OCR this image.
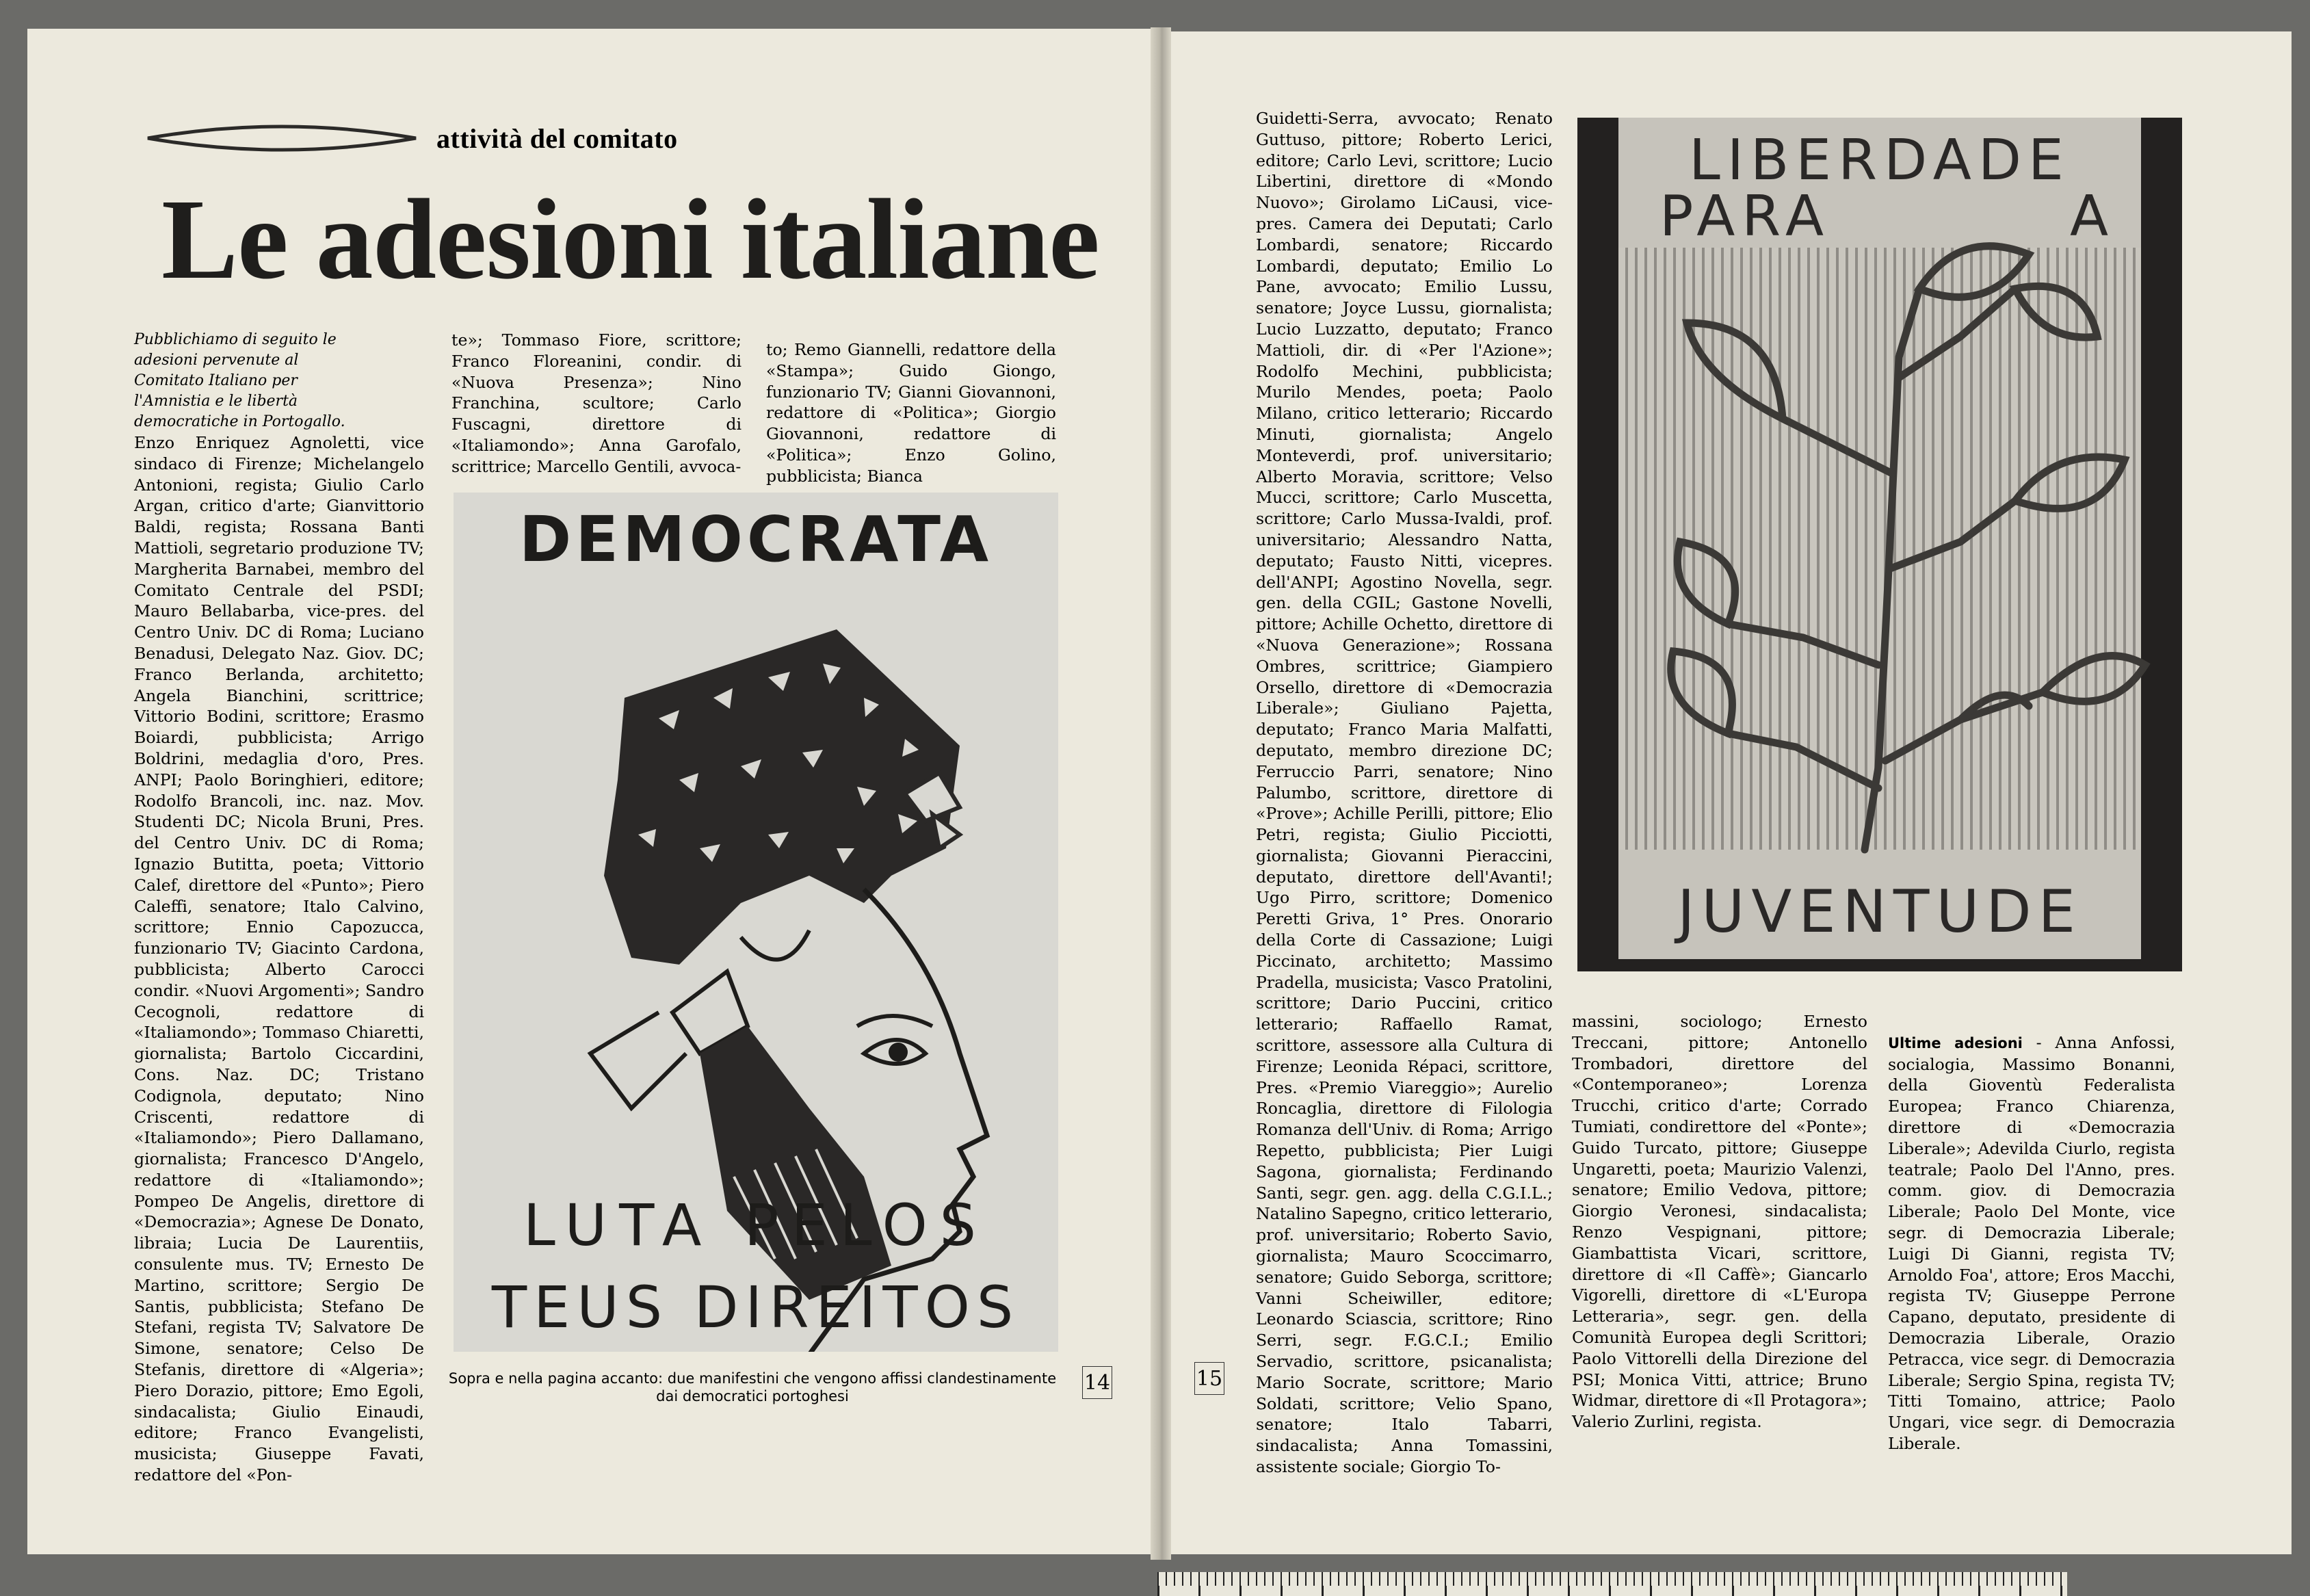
attività del comitato
Le adesioni italiane
Pubblichiamo di seguito le adesioni pervenute al Comitato Italiano per l'Amnistia e le libertà democratiche in Portogallo.
Enzo Enriquez Agnoletti, vice sindaco di Firenze; Michelangelo Antonioni, regista; Giulio Carlo Argan, critico d'arte; Gianvittorio Baldi, regista; Rossana Banti Mattioli, segretario produzione TV; Margherita Barnabei, membro del Comitato Centrale del PSDI; Mauro Bellabarba, vice-pres. del Centro Univ. DC di Roma; Luciano Benadusi, Delegato Naz. Giov. DC; Franco Berlanda, architetto; Angela Bianchini, scrittrice; Vittorio Bodini, scrittore; Erasmo Boiardi, pubblicista; Arrigo Boldrini, medaglia d'oro, Pres. ANPI; Paolo Boringhieri, editore; Rodolfo Brancoli, inc. naz. Mov. Studenti DC; Nicola Bruni, Pres. del Centro Univ. DC di Roma; Ignazio Butitta, poeta; Vittorio Calef, direttore del «Punto»; Piero Caleffi, senatore; Italo Calvino, scrittore; Ennio Capozucca, funzionario TV; Giacinto Cardona, pubblicista; Alberto Carocci condir. «Nuovi Argomenti»; Sandro Cecognoli, redattore di «Italiamondo»; Tommaso Chiaretti, giornalista; Bartolo Ciccardini, Cons. Naz. DC; Tristano Codignola, deputato; Nino Criscenti, redattore di «Italiamondo»; Piero Dallamano, giornalista; Francesco D'Angelo, redattore di «Italiamondo»; Pompeo De Angelis, direttore di «Democrazia»; Agnese De Donato, libraia; Lucia De Laurentiis, consulente mus. TV; Ernesto De Martino, scrittore; Sergio De Santis, pubblicista; Stefano De Stefani, regista TV; Salvatore De Simone, senatore; Celso De Stefanis, direttore di «Algeria»; Piero Dorazio, pittore; Emo Egoli, sindacalista; Giulio Einaudi, editore; Franco Evangelisti, musicista; Giuseppe Favati, redattore del «Pon-
te»; Tommaso Fiore, scrittore; Franco Floreanini, condir. di «Nuova Presenza»; Nino Franchina, scultore; Carlo Fuscagni, direttore di «Italiamondo»; Anna Garofalo, scrittrice; Marcello Gentili, avvoca-
to; Remo Giannelli, redattore della «Stampa»; Guido Giongo, funzionario TV; Gianni Giovannoni, redattore di «Politica»; Giorgio Giovannoni, redattore di «Politica»; Enzo Golino, pubblicista; Bianca
DEMOCRATA
LUTA PELOS
TEUS DIREITOS
Sopra e nella pagina accanto: due manifestini che vengono affissi clandestinamente
dai democratici portoghesi
14	15
Guidetti-Serra, avvocato; Renato Guttuso, pittore; Roberto Lerici, editore; Carlo Levi, scrittore; Lucio Libertini, direttore di «Mondo Nuovo»; Girolamo LiCausi, vice-pres. Camera dei Deputati; Carlo Lombardi, senatore; Riccardo Lombardi, deputato; Emilio Lo Pane, avvocato; Emilio Lussu, senatore; Joyce Lussu, giornalista; Lucio Luzzatto, deputato; Franco Mattioli, dir. di «Per l'Azione»; Rodolfo Mechini, pubblicista; Murilo Mendes, poeta; Paolo Milano, critico letterario; Riccardo Minuti, giornalista; Angelo Monteverdi, prof. universitario; Alberto Moravia, scrittore; Velso Mucci, scrittore; Carlo Muscetta, scrittore; Carlo Mussa-Ivaldi, prof. universitario; Alessandro Natta, deputato; Fausto Nitti, vicepres. dell'ANPI; Agostino Novella, segr. gen. della CGIL; Gastone Novelli, pittore; Achille Ochetto, direttore di «Nuova Generazione»; Rossana Ombres, scrittrice; Giampiero Orsello, direttore di «Democrazia Liberale»; Giuliano Pajetta, deputato; Franco Maria Malfatti, deputato, membro direzione DC; Ferruccio Parri, senatore; Nino Palumbo, scrittore, direttore di «Prove»; Achille Perilli, pittore; Elio Petri, regista; Giulio Picciotti, giornalista; Giovanni Pieraccini, deputato, direttore dell'Avanti!; Ugo Pirro, scrittore; Domenico Peretti Griva, 1° Pres. Onorario della Corte di Cassazione; Luigi Piccinato, architetto; Massimo Pradella, musicista; Vasco Pratolini, scrittore; Dario Puccini, critico letterario; Raffaello Ramat, scrittore, assessore alla Cultura di Firenze; Leonida Répaci, scrittore, Pres. «Premio Viareggio»; Aurelio Roncaglia, direttore di Filologia Romanza dell'Univ. di Roma; Arrigo Repetto, pubblicista; Pier Luigi Sagona, giornalista; Ferdinando Santi, segr. gen. agg. della C.G.I.L.; Natalino Sapegno, critico letterario, prof. universitario; Roberto Savio, giornalista; Mauro Scoccimarro, senatore; Guido Seborga, scrittore; Vanni Scheiwiller, editore; Leonardo Sciascia, scrittore; Rino Serri, segr. F.G.C.I.; Emilio Servadio, scrittore, psicanalista; Mario Socrate, scrittore; Mario Soldati, scrittore; Velio Spano, senatore; Italo Tabarri, sindacalista; Anna Tomassini, assistente sociale; Giorgio To-
massini, sociologo; Ernesto Treccani, pittore; Antonello Trombadori, direttore del «Contemporaneo»; Lorenza Trucchi, critico d'arte; Corrado Tumiati, condirettore del «Ponte»; Guido Turcato, pittore; Giuseppe Ungaretti, poeta; Maurizio Valenzi, senatore; Emilio Vedova, pittore; Giorgio Veronesi, sindacalista; Renzo Vespignani, pittore; Giambattista Vicari, scrittore, direttore di «Il Caffè»; Giancarlo Vigorelli, direttore di «L'Europa Letteraria», segr. gen. della Comunità Europea degli Scrittori; Paolo Vittorelli della Direzione del PSI; Monica Vitti, attrice; Bruno Widmar, direttore di «Il Protagora»; Valerio Zurlini, regista.

Ultime adesioni - Anna Anfossi, socialogia, Massimo Bonanni, della Gioventù Federalista Europea; Franco Chiarenza, direttore di «Democrazia Liberale»; Adevilda Ciurlo, regista teatrale; Paolo Del l'Anno, pres. comm. giov. di Democrazia Liberale; Paolo Del Monte, vice segr. di Democrazia Liberale; Luigi Di Gianni, regista TV; Arnoldo Foa', attore; Eros Macchi, regista TV; Giuseppe Perrone Capano, deputato, presidente di Democrazia Liberale, Orazio Petracca, vice segr. di Democrazia Liberale; Sergio Spina, regista TV; Titti Tomaino, attrice; Paolo Ungari, vice segr. di Democrazia Liberale.

LIBERDADE
PARA	A
JUVENTUDE
